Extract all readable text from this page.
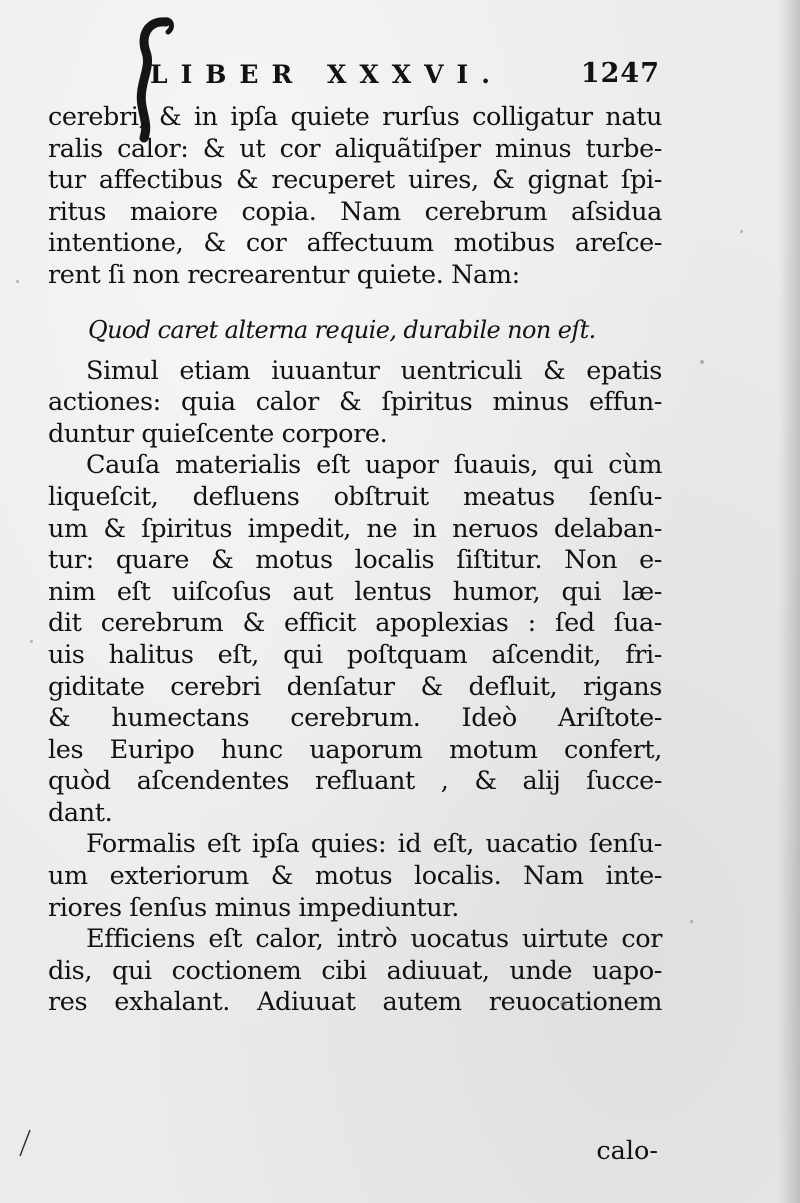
LIBER XXXVI.	1247
cerebri, & in ipſa quiete rurſus colligatur natu
ralis calor: & ut cor aliquãtiſper minus turbe-
tur affectibus & recuperet uires, & gignat ſpi-
ritus maiore copia. Nam cerebrum aſsidua
intentione, & cor affectuum motibus areſce-
rent ſi non recrearentur quiete. Nam:
Quod caret alterna requie, durabile non eſt.
Simul etiam iuuantur uentriculi & epatis
actiones: quia calor & ſpiritus minus effun-
duntur quieſcente corpore.
Cauſa materialis eſt uapor ſuauis, qui cùm
liqueſcit, defluens obſtruit meatus ſenſu-
um & ſpiritus impedit, ne in neruos delaban-
tur: quare & motus localis ſiſtitur. Non e-
nim eſt uiſcoſus aut lentus humor, qui læ-
dit cerebrum & efficit apoplexias : ſed ſua-
uis halitus eſt, qui poſtquam aſcendit, fri-
giditate cerebri denſatur & defluit, rigans
& humectans cerebrum. Ideò Ariſtote-
les Euripo hunc uaporum motum confert,
quòd aſcendentes refluant , & alij ſucce-
dant.
Formalis eſt ipſa quies: id eſt, uacatio ſenſu-
um exteriorum & motus localis. Nam inte-
riores ſenſus minus impediuntur.
Efficiens eſt calor, intrò uocatus uirtute cor
dis, qui coctionem cibi adiuuat, unde uapo-
res exhalant. Adiuuat autem reuocationem
calo-
